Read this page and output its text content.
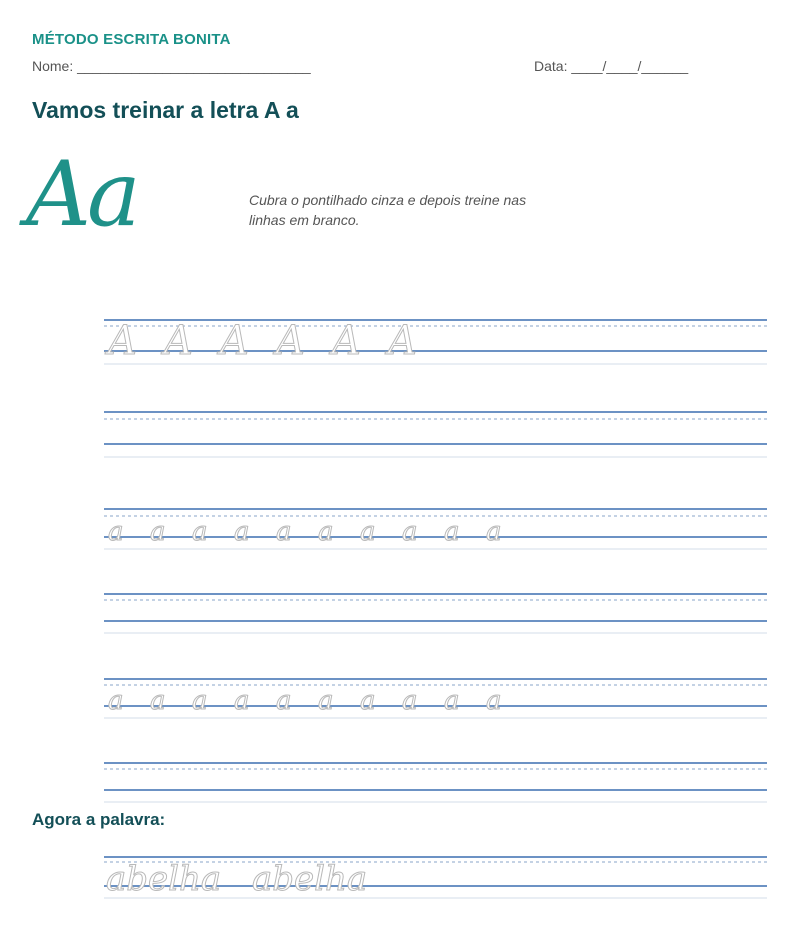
MÉTODO ESCRITA BONITA
Nome: ______________________________	Data: ____/____/______
Vamos treinar a letra A a
Aa	Cubra o pontilhado cinza e depois treine nas linhas em branco.
A A A A A A
a a a a a a a a a a
a a a a a a a a a a
abelha abelha
Agora a palavra:
